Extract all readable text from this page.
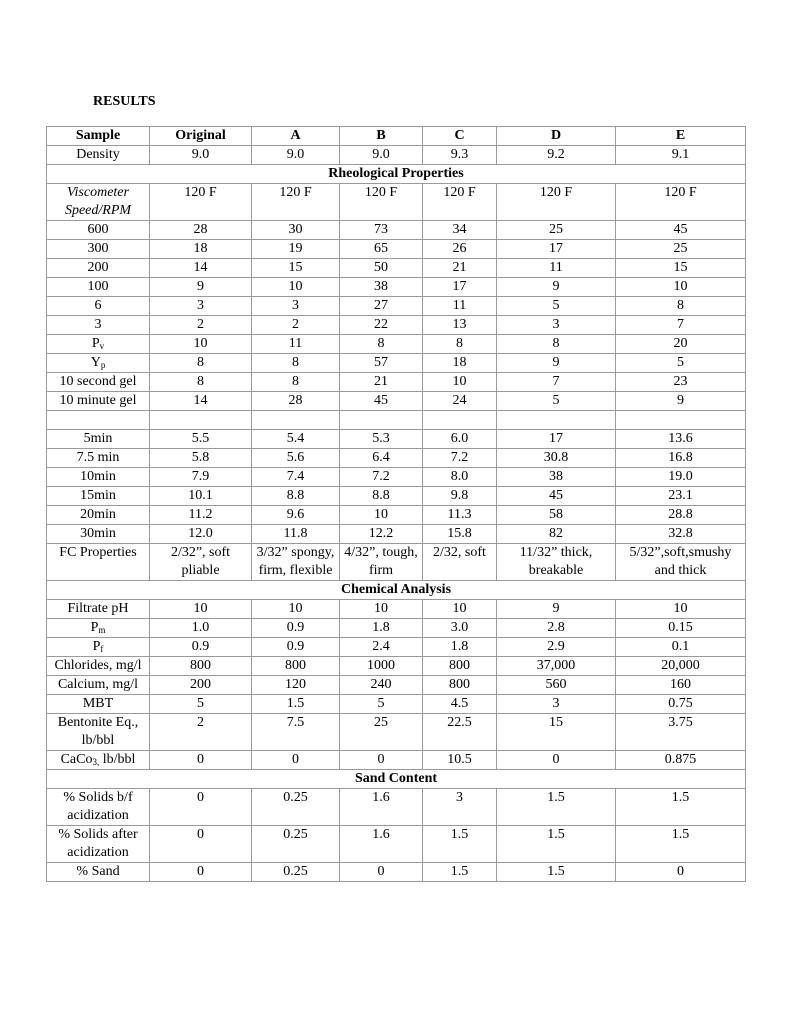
RESULTS
Sample	Original	A	B	C	D	E
Density	9.0	9.0	9.0	9.3	9.2	9.1
Rheological Properties						
Viscometer Speed/RPM	120 F	120 F	120 F	120 F	120 F	120 F
600	28	30	73	34	25	45
300	18	19	65	26	17	25
200	14	15	50	21	11	15
100	9	10	38	17	9	10
6	3	3	27	11	5	8
3	2	2	22	13	3	7
$P_v$	10	11	8	8	8	20
$Y_p$	8	8	57	18	9	5
10 second gel	8	8	21	10	7	23
10 minute gel	14	28	45	24	5	9

5min	5.5	5.4	5.3	6.0	17	13.6
7.5 min	5.8	5.6	6.4	7.2	30.8	16.8
10min	7.9	7.4	7.2	8.0	38	19.0
15min	10.1	8.8	8.8	9.8	45	23.1
20min	11.2	9.6	10	11.3	58	28.8
30min	12.0	11.8	12.2	15.8	82	32.8
FC Properties	2/32”, soft pliable	3/32” spongy, firm, flexible	4/32”, tough, firm	2/32, soft	11/32” thick, breakable	5/32”,soft,smushy and thick
Chemical Analysis						
Filtrate pH	10	10	10	10	9	10
$P_m$	1.0	0.9	1.8	3.0	2.8	0.15
$P_f$	0.9	0.9	2.4	1.8	2.9	0.1
Chlorides, mg/l	800	800	1000	800	37,000	20,000
Calcium, mg/l	200	120	240	800	560	160
MBT	5	1.5	5	4.5	3	0.75
Bentonite Eq., lb/bbl	2	7.5	25	22.5	15	3.75
CaCo$_{3,}$ lb/bbl	0	0	0	10.5	0	0.875
Sand Content						
% Solids b/f acidization	0	0.25	1.6	3	1.5	1.5
% Solids after acidization	0	0.25	1.6	1.5	1.5	1.5
% Sand	0	0.25	0	1.5	1.5	0
